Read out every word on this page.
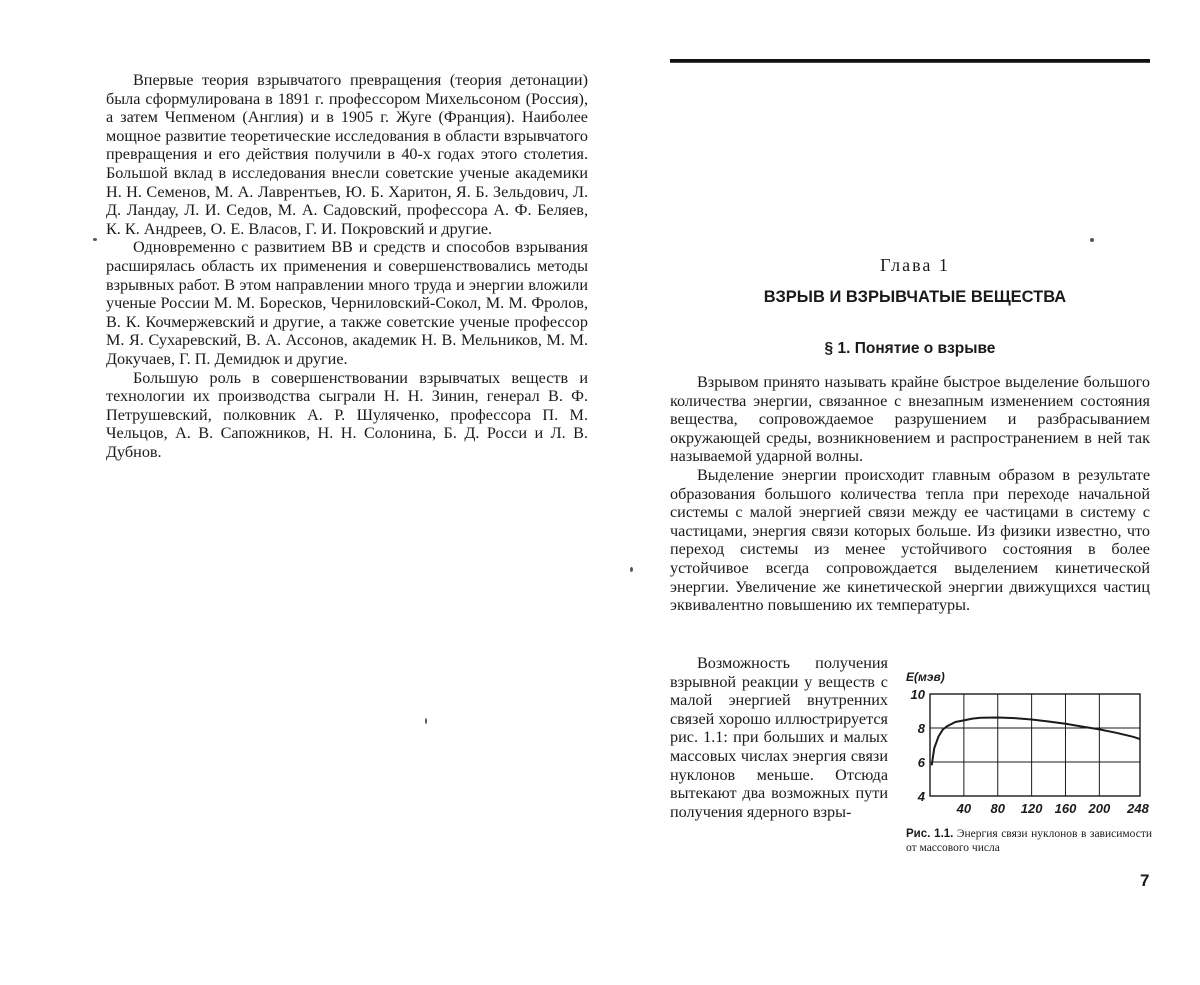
Впервые теория взрывчатого превращения (теория детонации) была сформулирована в 1891 г. профессором Михельсоном (Россия), а затем Чепменом (Англия) и в 1905 г. Жуге (Франция). Наиболее мощное развитие теоретические исследования в области взрывчатого превращения и его действия получили в 40-х годах этого столетия. Большой вклад в исследования внесли советские ученые академики Н. Н. Семенов, М. А. Лаврентьев, Ю. Б. Харитон, Я. Б. Зельдович, Л. Д. Ландау, Л. И. Седов, М. А. Садовский, профессора А. Ф. Беляев, К. К. Андреев, О. Е. Власов, Г. И. Покровский и другие.

Одновременно с развитием ВВ и средств и способов взрывания расширялась область их применения и совершенствовались методы взрывных работ. В этом направлении много труда и энергии вложили ученые России М. М. Боресков, Черниловский-Сокол, М. М. Фролов, В. К. Кочмержевский и другие, а также советские ученые профессор М. Я. Сухаревский, В. А. Ассонов, академик Н. В. Мельников, М. М. Докучаев, Г. П. Демидюк и другие.

Большую роль в совершенствовании взрывчатых веществ и технологии их производства сыграли Н. Н. Зинин, генерал В. Ф. Петрушевский, полковник А. Р. Шуляченко, профессора П. М. Чельцов, А. В. Сапожников, Н. Н. Солонина, Б. Д. Росси и Л. В. Дубнов.

Глава 1
ВЗРЫВ И ВЗРЫВЧАТЫЕ ВЕЩЕСТВА
§ 1. Понятие о взрыве

Взрывом принято называть крайне быстрое выделение большого количества энергии, связанное с внезапным изменением состояния вещества, сопровождаемое разрушением и разбрасыванием окружающей среды, возникновением и распространением в ней так называемой ударной волны.

Выделение энергии происходит главным образом в результате образования большого количества тепла при переходе начальной системы с малой энергией связи между ее частицами в систему с частицами, энергия связи которых больше. Из физики известно, что переход системы из менее устойчивого состояния в более устойчивое всегда сопровождается выделением кинетической энергии. Увеличение же кинетической энергии движущихся частиц эквивалентно повышению их температуры.

Возможность получения взрывной реакции у веществ с малой энергией внутренних связей хорошо иллюстрируется рис. 1.1: при больших и малых массовых числах энергия связи нуклонов меньше. Отсюда вытекают два возможных пути получения ядерного взры-

4
6
8
10
40 80 120 160 200 248
E(мэв)
Рис. 1.1. Энергия связи нуклонов в зависимости от массового числа
7
